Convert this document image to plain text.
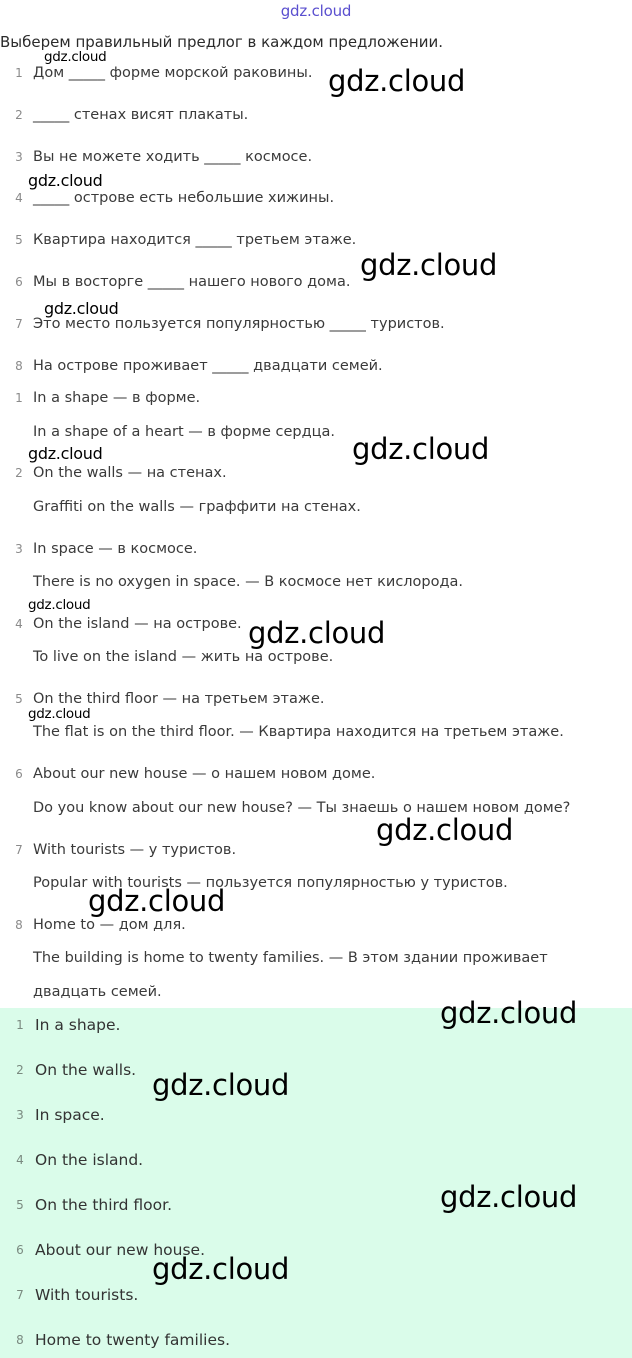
gdz.cloud
Выберем правильный предлог в каждом предложении.
1 Дом _____ форме морской раковины.
2 _____ стенах висят плакаты.
3 Вы не можете ходить _____ космосе.
4 _____ острове есть небольшие хижины.
5 Квартира находится _____ третьем этаже.
6 Мы в восторге _____ нашего нового дома.
7 Это место пользуется популярностью _____ туристов.
8 На острове проживает _____ двадцати семей.
1 In a shape — в форме.
In a shape of a heart — в форме сердца.
2 On the walls — на стенах.
Graffiti on the walls — граффити на стенах.
3 In space — в космосе.
There is no oxygen in space. — В космосе нет кислорода.
4 On the island — на острове.
To live on the island — жить на острове.
5 On the third floor — на третьем этаже.
The flat is on the third floor. — Квартира находится на третьем этаже.
6 About our new house — о нашем новом доме.
Do you know about our new house? — Ты знаешь о нашем новом доме?
7 With tourists — у туристов.
Popular with tourists — пользуется популярностью у туристов.
8 Home to — дом для.
The building is home to twenty families. — В этом здании проживает
двадцать семей.
1 In a shape.
2 On the walls.
3 In space.
4 On the island.
5 On the third floor.
6 About our new house.
7 With tourists.
8 Home to twenty families.
gdz.cloud
gdz.cloud
gdz.cloud
gdz.cloud
gdz.cloud
gdz.cloud
gdz.cloud
gdz.cloud
gdz.cloud
gdz.cloud
gdz.cloud
gdz.cloud
gdz.cloud
gdz.cloud
gdz.cloud
gdz.cloud
